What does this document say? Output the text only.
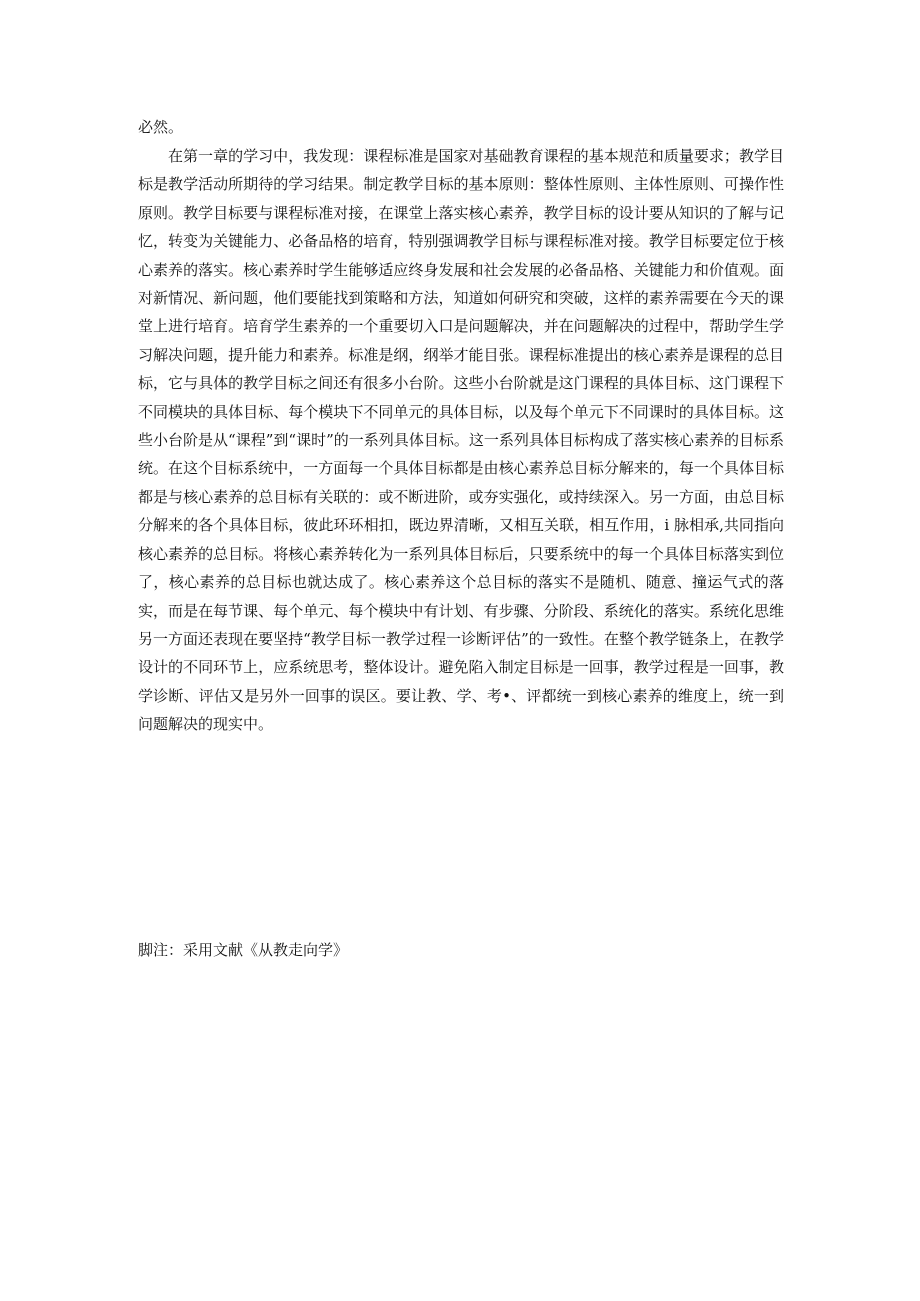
必然。

在第一章的学习中，我发现：课程标准是国家对基础教育课程的基本规范和质量要求；教学目标是教学活动所期待的学习结果。制定教学目标的基本原则：整体性原则、主体性原则、可操作性原则。教学目标要与课程标准对接，在课堂上落实核心素养，教学目标的设计要从知识的了解与记忆，转变为关键能力、必备品格的培育，特别强调教学目标与课程标准对接。教学目标要定位于核心素养的落实。核心素养时学生能够适应终身发展和社会发展的必备品格、关键能力和价值观。面对新情况、新问题，他们要能找到策略和方法，知道如何研究和突破，这样的素养需要在今天的课堂上进行培育。培育学生素养的一个重要切入口是问题解决，并在问题解决的过程中，帮助学生学习解决问题，提升能力和素养。标准是纲，纲举才能目张。课程标准提出的核心素养是课程的总目标，它与具体的教学目标之间还有很多小台阶。这些小台阶就是这门课程的具体目标、这门课程下不同模块的具体目标、每个模块下不同单元的具体目标，以及每个单元下不同课时的具体目标。这些小台阶是从“课程”到“课时”的一系列具体目标。这一系列具体目标构成了落实核心素养的目标系统。在这个目标系统中，一方面每一个具体目标都是由核心素养总目标分解来的，每一个具体目标都是与核心素养的总目标有关联的：或不断进阶，或夯实强化，或持续深入。另一方面，由总目标分解来的各个具体目标，彼此环环相扣，既边界清晰，又相互关联，相互作用，i 脉相承,共同指向核心素养的总目标。将核心素养转化为一系列具体目标后，只要系统中的每一个具体目标落实到位了，核心素养的总目标也就达成了。核心素养这个总目标的落实不是随机、随意、撞运气式的落实，而是在每节课、每个单元、每个模块中有计划、有步骤、分阶段、系统化的落实。系统化思维另一方面还表现在要坚持“教学目标一教学过程一诊断评估”的一致性。在整个教学链条上，在教学设计的不同环节上，应系统思考，整体设计。避免陷入制定目标是一回事，教学过程是一回事，教学诊断、评估又是另外一回事的误区。要让教、学、考•、评都统一到核心素养的维度上，统一到问题解决的现实中。

脚注：采用文献《从教走向学》
